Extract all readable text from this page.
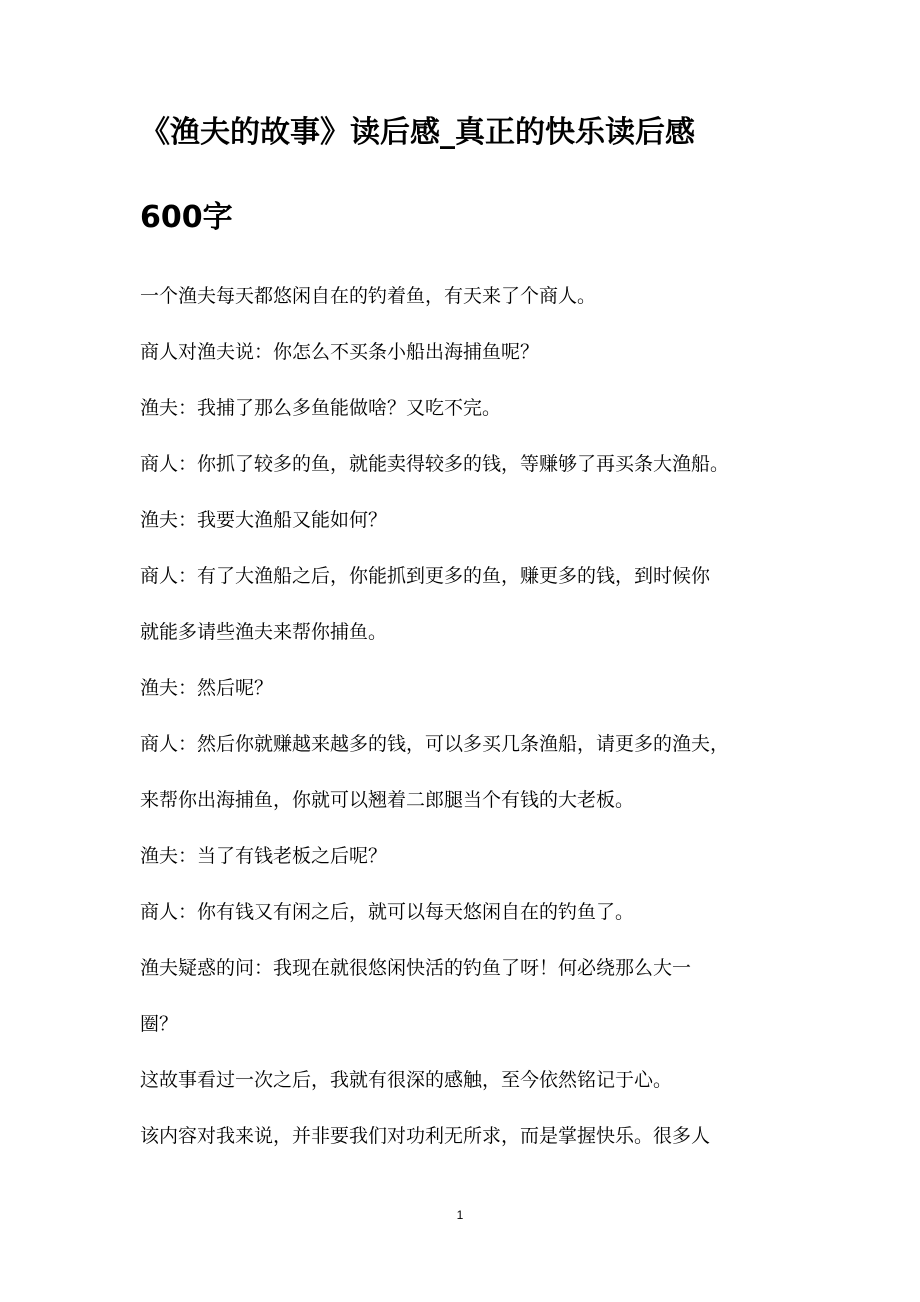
《渔夫的故事》读后感_真正的快乐读后感
600字

一个渔夫每天都悠闲自在的钓着鱼，有天来了个商人。

商人对渔夫说：你怎么不买条小船出海捕鱼呢？

渔夫：我捕了那么多鱼能做啥？又吃不完。

商人：你抓了较多的鱼，就能卖得较多的钱，等赚够了再买条大渔船。

渔夫：我要大渔船又能如何？

商人：有了大渔船之后，你能抓到更多的鱼，赚更多的钱，到时候你

就能多请些渔夫来帮你捕鱼。

渔夫：然后呢？

商人：然后你就赚越来越多的钱，可以多买几条渔船，请更多的渔夫，

来帮你出海捕鱼，你就可以翘着二郎腿当个有钱的大老板。

渔夫：当了有钱老板之后呢？

商人：你有钱又有闲之后，就可以每天悠闲自在的钓鱼了。

渔夫疑惑的问：我现在就很悠闲快活的钓鱼了呀！何必绕那么大一

圈？

这故事看过一次之后，我就有很深的感触，至今依然铭记于心。

该内容对我来说，并非要我们对功利无所求，而是掌握快乐。很多人

1
